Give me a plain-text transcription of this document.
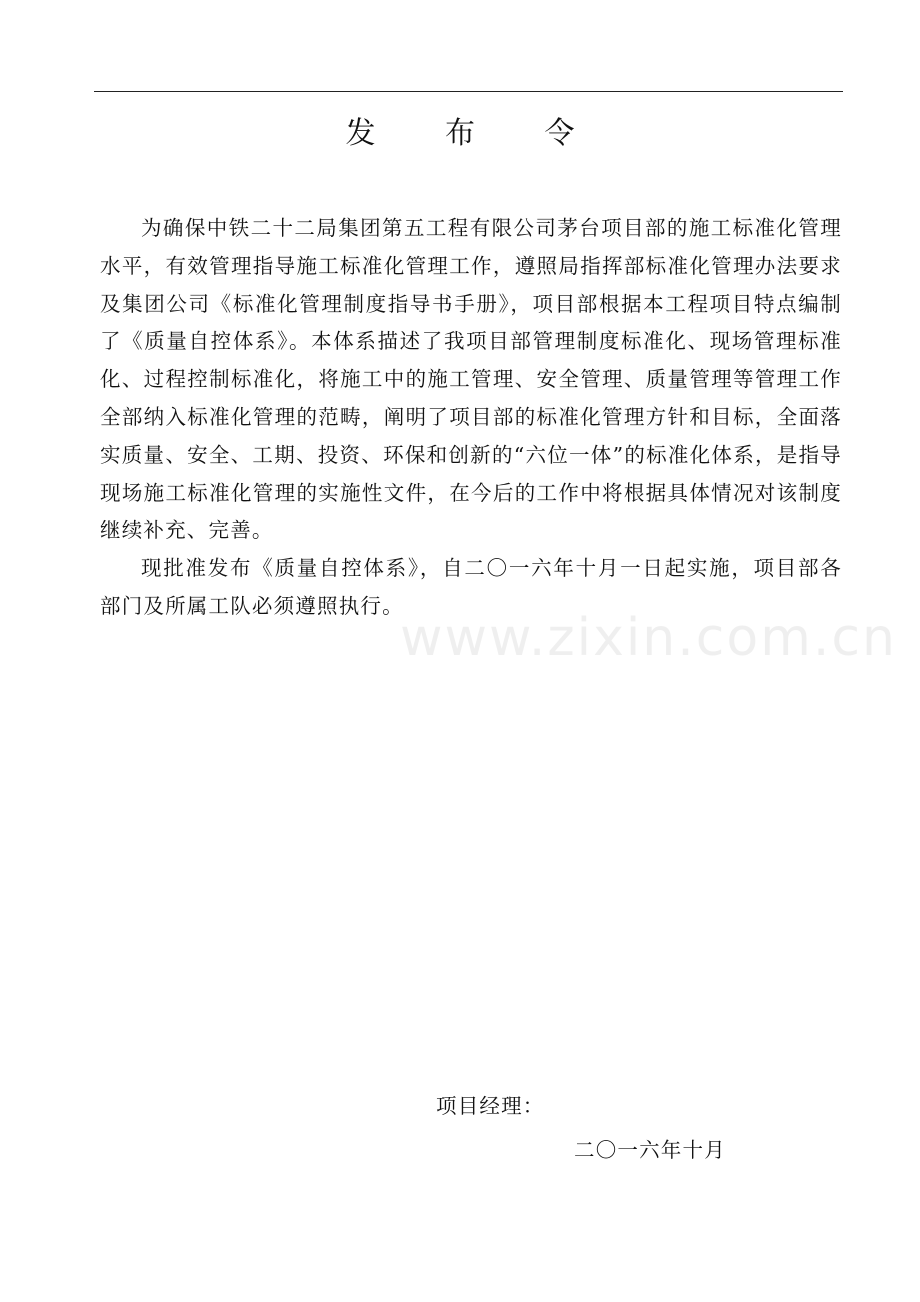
发 布 令

为确保中铁二十二局集团第五工程有限公司茅台项目部的施工标准化管理水平，有效管理指导施工标准化管理工作，遵照局指挥部标准化管理办法要求及集团公司《标准化管理制度指导书手册》，项目部根据本工程项目特点编制了《质量自控体系》。本体系描述了我项目部管理制度标准化、现场管理标准化、过程控制标准化，将施工中的施工管理、安全管理、质量管理等管理工作全部纳入标准化管理的范畴，阐明了项目部的标准化管理方针和目标，全面落实质量、安全、工期、投资、环保和创新的“六位一体”的标准化体系，是指导现场施工标准化管理的实施性文件，在今后的工作中将根据具体情况对该制度继续补充、完善。

现批准发布《质量自控体系》，自二〇一六年十月一日起实施，项目部各部门及所属工队必须遵照执行。

www.zixin.com.cn
项目经理：
二〇一六年十月
